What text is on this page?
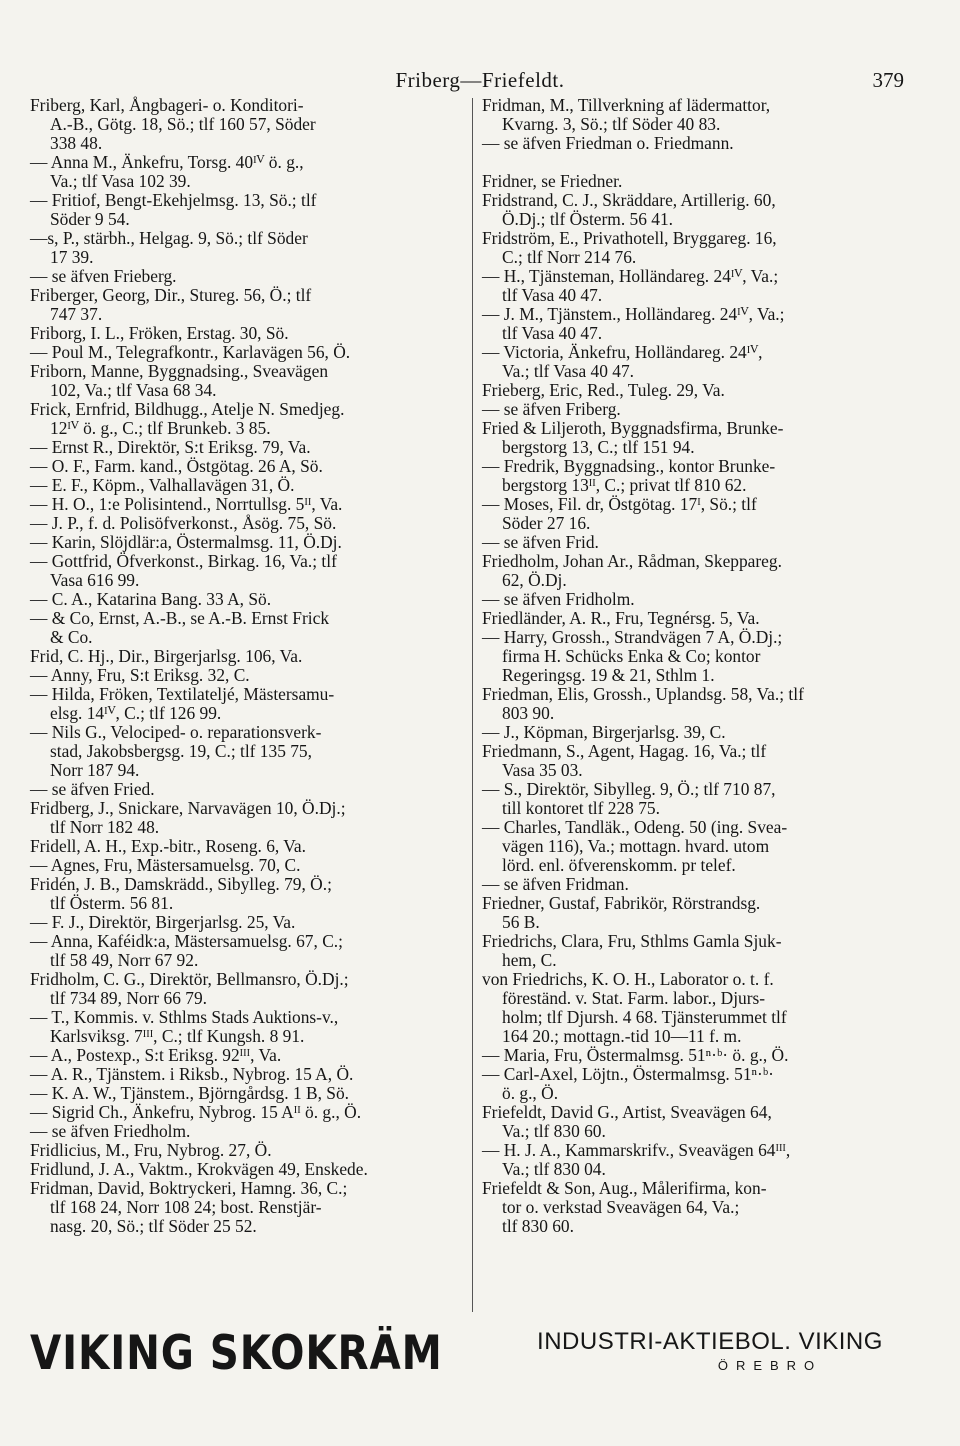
Friberg—Friefeldt.	379
Friberg, Karl, Ångbageri- o. Konditori-
A.-B., Götg. 18, Sö.; tlf 160 57, Söder
338 48.
— Anna M., Änkefru, Torsg. 40ᴵⱽ ö. g.,
Va.; tlf Vasa 102 39.
— Fritiof, Bengt-Ekehjelmsg. 13, Sö.; tlf
Söder 9 54.
—s, P., stärbh., Helgag. 9, Sö.; tlf Söder
17 39.
— se äfven Frieberg.
Friberger, Georg, Dir., Stureg. 56, Ö.; tlf
747 37.
Friborg, I. L., Fröken, Erstag. 30, Sö.
— Poul M., Telegrafkontr., Karlavägen 56, Ö.
Friborn, Manne, Byggnadsing., Sveavägen
102, Va.; tlf Vasa 68 34.
Frick, Ernfrid, Bildhugg., Atelje N. Smedjeg.
12ᴵⱽ ö. g., C.; tlf Brunkeb. 3 85.
— Ernst R., Direktör, S:t Eriksg. 79, Va.
— O. F., Farm. kand., Östgötag. 26 A, Sö.
— E. F., Köpm., Valhallavägen 31, Ö.
— H. O., 1:e Polisintend., Norrtullsg. 5ᴵᴵ, Va.
— J. P., f. d. Polisöfverkonst., Åsög. 75, Sö.
— Karin, Slöjdlär:a, Östermalmsg. 11, Ö.Dj.
— Gottfrid, Öfverkonst., Birkag. 16, Va.; tlf
Vasa 616 99.
— C. A., Katarina Bang. 33 A, Sö.
— & Co, Ernst, A.-B., se A.-B. Ernst Frick
& Co.
Frid, C. Hj., Dir., Birgerjarlsg. 106, Va.
— Anny, Fru, S:t Eriksg. 32, C.
— Hilda, Fröken, Textilateljé, Mästersamu-
elsg. 14ᴵⱽ, C.; tlf 126 99.
— Nils G., Velociped- o. reparationsverk-
stad, Jakobsbergsg. 19, C.; tlf 135 75,
Norr 187 94.
— se äfven Fried.
Fridberg, J., Snickare, Narvavägen 10, Ö.Dj.;
tlf Norr 182 48.
Fridell, A. H., Exp.-bitr., Roseng. 6, Va.
— Agnes, Fru, Mästersamuelsg. 70, C.
Fridén, J. B., Damskrädd., Sibylleg. 79, Ö.;
tlf Österm. 56 81.
— F. J., Direktör, Birgerjarlsg. 25, Va.
— Anna, Kaféidk:a, Mästersamuelsg. 67, C.;
tlf 58 49, Norr 67 92.
Fridholm, C. G., Direktör, Bellmansro, Ö.Dj.;
tlf 734 89, Norr 66 79.
— T., Kommis. v. Sthlms Stads Auktions-v.,
Karlsviksg. 7ᴵᴵᴵ, C.; tlf Kungsh. 8 91.
— A., Postexp., S:t Eriksg. 92ᴵᴵᴵ, Va.
— A. R., Tjänstem. i Riksb., Nybrog. 15 A, Ö.
— K. A. W., Tjänstem., Björngårdsg. 1 B, Sö.
— Sigrid Ch., Änkefru, Nybrog. 15 Aᴵᴵ ö. g., Ö.
— se äfven Friedholm.
Fridlicius, M., Fru, Nybrog. 27, Ö.
Fridlund, J. A., Vaktm., Krokvägen 49, Enskede.
Fridman, David, Boktryckeri, Hamng. 36, C.;
tlf 168 24, Norr 108 24; bost. Renstjär-
nasg. 20, Sö.; tlf Söder 25 52.
Fridman, M., Tillverkning af lädermattor,
Kvarng. 3, Sö.; tlf Söder 40 83.
— se äfven Friedman o. Friedmann.
Fridner, se Friedner.
Fridstrand, C. J., Skräddare, Artillerig. 60,
Ö.Dj.; tlf Österm. 56 41.
Fridström, E., Privathotell, Bryggareg. 16,
C.; tlf Norr 214 76.
— H., Tjänsteman, Holländareg. 24ᴵⱽ, Va.;
tlf Vasa 40 47.
— J. M., Tjänstem., Holländareg. 24ᴵⱽ, Va.;
tlf Vasa 40 47.
— Victoria, Änkefru, Holländareg. 24ᴵⱽ,
Va.; tlf Vasa 40 47.
Frieberg, Eric, Red., Tuleg. 29, Va.
— se äfven Friberg.
Fried & Liljeroth, Byggnadsfirma, Brunke-
bergstorg 13, C.; tlf 151 94.
— Fredrik, Byggnadsing., kontor Brunke-
bergstorg 13ᴵᴵ, C.; privat tlf 810 62.
— Moses, Fil. dr, Östgötag. 17ᴵ, Sö.; tlf
Söder 27 16.
— se äfven Frid.
Friedholm, Johan Ar., Rådman, Skeppareg.
62, Ö.Dj.
— se äfven Fridholm.
Friedländer, A. R., Fru, Tegnérsg. 5, Va.
— Harry, Grossh., Strandvägen 7 A, Ö.Dj.;
firma H. Schücks Enka & Co; kontor
Regeringsg. 19 & 21, Sthlm 1.
Friedman, Elis, Grossh., Uplandsg. 58, Va.; tlf
803 90.
— J., Köpman, Birgerjarlsg. 39, C.
Friedmann, S., Agent, Hagag. 16, Va.; tlf
Vasa 35 03.
— S., Direktör, Sibylleg. 9, Ö.; tlf 710 87,
till kontoret tlf 228 75.
— Charles, Tandläk., Odeng. 50 (ing. Svea-
vägen 116), Va.; mottagn. hvard. utom
lörd. enl. öfverenskomm. pr telef.
— se äfven Fridman.
Friedner, Gustaf, Fabrikör, Rörstrandsg.
56 B.
Friedrichs, Clara, Fru, Sthlms Gamla Sjuk-
hem, C.
von Friedrichs, K. O. H., Laborator o. t. f.
föreständ. v. Stat. Farm. labor., Djurs-
holm; tlf Djursh. 4 68. Tjänsterummet tlf
164 20.; mottagn.-tid 10—11 f. m.
— Maria, Fru, Östermalmsg. 51ⁿ·ᵇ· ö. g., Ö.
— Carl-Axel, Löjtn., Östermalmsg. 51ⁿ·ᵇ·
ö. g., Ö.
Friefeldt, David G., Artist, Sveavägen 64,
Va.; tlf 830 60.
— H. J. A., Kammarskrifv., Sveavägen 64ᴵᴵᴵ,
Va.; tlf 830 04.
Friefeldt & Son, Aug., Målerifirma, kon-
tor o. verkstad Sveavägen 64, Va.;
tlf 830 60.
VIKING SKOKRÄM	INDUSTRI-AKTIEBOL. VIKING
ÖREBRO
